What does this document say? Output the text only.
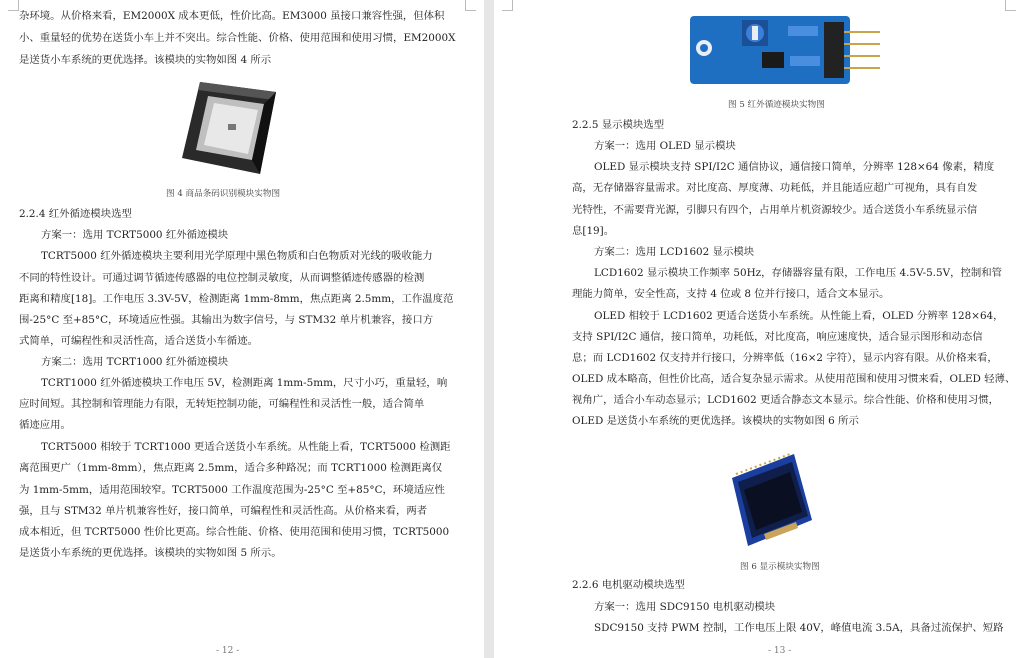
杂环境。从价格来看，EM2000X 成本更低，性价比高。EM3000 虽接口兼容性强，但体积
小、重量轻的优势在送货小车上并不突出。综合性能、价格、使用范围和使用习惯，EM2000X
是送货小车系统的更优选择。该模块的实物如图 4 所示
图 4 商品条码识别模块实物图
2.2.4 红外循迹模块选型
方案一：选用 TCRT5000 红外循迹模块
TCRT5000 红外循迹模块主要利用光学原理中黑色物质和白色物质对光线的吸收能力
不同的特性设计。可通过调节循迹传感器的电位控制灵敏度，从而调整循迹传感器的检测
距离和精度[18]。工作电压 3.3V-5V，检测距离 1mm-8mm，焦点距离 2.5mm，工作温度范
围-25°C 至+85°C，环境适应性强。其输出为数字信号，与 STM32 单片机兼容，接口方
式简单，可编程性和灵活性高，适合送货小车循迹。
方案二：选用 TCRT1000 红外循迹模块
TCRT1000 红外循迹模块工作电压 5V，检测距离 1mm-5mm，尺寸小巧，重量轻，响
应时间短。其控制和管理能力有限，无转矩控制功能，可编程性和灵活性一般，适合简单
循迹应用。
TCRT5000 相较于 TCRT1000 更适合送货小车系统。从性能上看，TCRT5000 检测距
离范围更广（1mm-8mm），焦点距离 2.5mm，适合多种路况；而 TCRT1000 检测距离仅
为 1mm-5mm，适用范围较窄。TCRT5000 工作温度范围为-25°C 至+85°C，环境适应性
强，且与 STM32 单片机兼容性好，接口简单，可编程性和灵活性高。从价格来看，两者
成本相近，但 TCRT5000 性价比更高。综合性能、价格、使用范围和使用习惯，TCRT5000
是送货小车系统的更优选择。该模块的实物如图 5 所示。
- 12 -
图 5 红外循迹模块实物图
2.2.5 显示模块选型
方案一：选用 OLED 显示模块
OLED 显示模块支持 SPI/I2C 通信协议，通信接口简单，分辨率 128×64 像素，精度
高，无存储器容量需求。对比度高、厚度薄、功耗低，并且能适应超广可视角，具有自发
光特性，不需要背光源，引脚只有四个，占用单片机资源较少。适合送货小车系统显示信
息[19]。
方案二：选用 LCD1602 显示模块
LCD1602 显示模块工作频率 50Hz，存储器容量有限，工作电压 4.5V-5.5V，控制和管
理能力简单，安全性高，支持 4 位或 8 位并行接口，适合文本显示。
OLED 相较于 LCD1602 更适合送货小车系统。从性能上看，OLED 分辨率 128×64，
支持 SPI/I2C 通信，接口简单，功耗低，对比度高，响应速度快，适合显示图形和动态信
息；而 LCD1602 仅支持并行接口，分辨率低（16×2 字符），显示内容有限。从价格来看，
OLED 成本略高，但性价比高，适合复杂显示需求。从使用范围和使用习惯来看，OLED 轻薄、
视角广，适合小车动态显示；LCD1602 更适合静态文本显示。综合性能、价格和使用习惯，
OLED 是送货小车系统的更优选择。该模块的实物如图 6 所示
图 6 显示模块实物图
2.2.6 电机驱动模块选型
方案一：选用 SDC9150 电机驱动模块
SDC9150 支持 PWM 控制，工作电压上限 40V，峰值电流 3.5A，具备过流保护、短路
- 13 -
